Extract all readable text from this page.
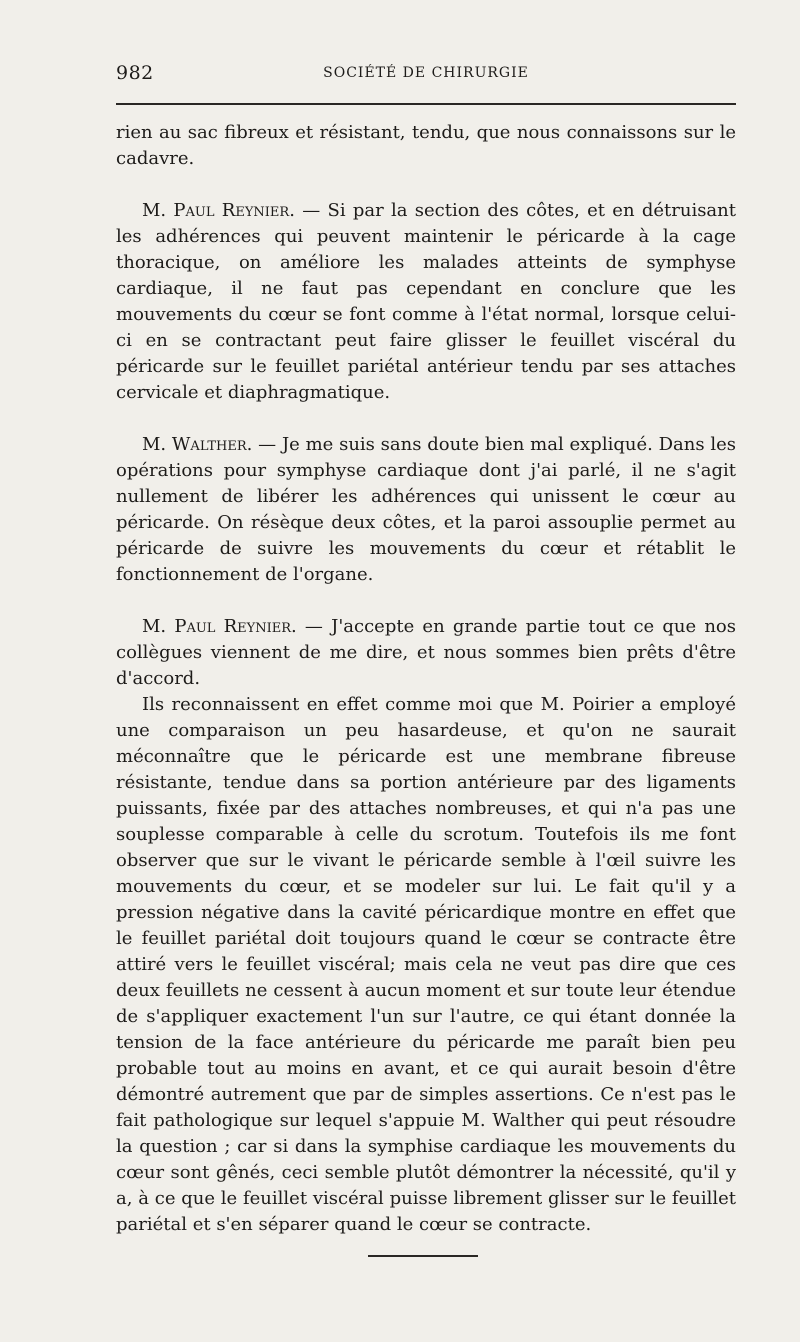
982	SOCIÉTÉ DE CHIRURGIE

rien au sac fibreux et résistant, tendu, que nous connaissons sur le cadavre.

M. Paul Reynier. — Si par la section des côtes, et en détruisant les adhérences qui peuvent maintenir le péricarde à la cage thoracique, on améliore les malades atteints de symphyse cardiaque, il ne faut pas cependant en conclure que les mouvements du cœur se font comme à l'état normal, lorsque celui-ci en se contractant peut faire glisser le feuillet viscéral du péricarde sur le feuillet pariétal antérieur tendu par ses attaches cervicale et diaphragmatique.

M. Walther. — Je me suis sans doute bien mal expliqué. Dans les opérations pour symphyse cardiaque dont j'ai parlé, il ne s'agit nullement de libérer les adhérences qui unissent le cœur au péricarde. On résèque deux côtes, et la paroi assouplie permet au péricarde de suivre les mouvements du cœur et rétablit le fonctionnement de l'organe.

M. Paul Reynier. — J'accepte en grande partie tout ce que nos collègues viennent de me dire, et nous sommes bien prêts d'être d'accord.

Ils reconnaissent en effet comme moi que M. Poirier a employé une comparaison un peu hasardeuse, et qu'on ne saurait méconnaître que le péricarde est une membrane fibreuse résistante, tendue dans sa portion antérieure par des ligaments puissants, fixée par des attaches nombreuses, et qui n'a pas une souplesse comparable à celle du scrotum. Toutefois ils me font observer que sur le vivant le péricarde semble à l'œil suivre les mouvements du cœur, et se modeler sur lui. Le fait qu'il y a pression négative dans la cavité péricardique montre en effet que le feuillet pariétal doit toujours quand le cœur se contracte être attiré vers le feuillet viscéral; mais cela ne veut pas dire que ces deux feuillets ne cessent à aucun moment et sur toute leur étendue de s'appliquer exactement l'un sur l'autre, ce qui étant donnée la tension de la face antérieure du péricarde me paraît bien peu probable tout au moins en avant, et ce qui aurait besoin d'être démontré autrement que par de simples assertions. Ce n'est pas le fait pathologique sur lequel s'appuie M. Walther qui peut résoudre la question ; car si dans la symphise cardiaque les mouvements du cœur sont gênés, ceci semble plutôt démontrer la nécessité, qu'il y a, à ce que le feuillet viscéral puisse librement glisser sur le feuillet pariétal et s'en séparer quand le cœur se contracte.
